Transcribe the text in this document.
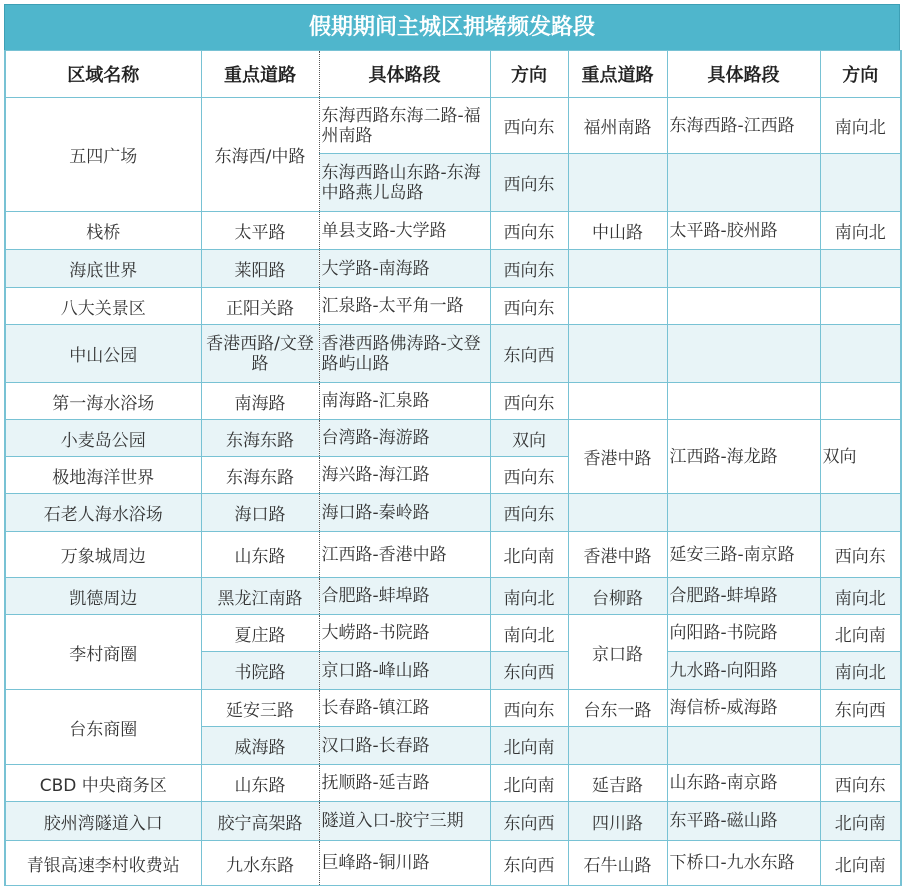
假期期间主城区拥堵频发路段
区域名称	重点道路	具体路段	方向	重点道路	具体路段	方向
五四广场	东海西/中路	东海西路东海二路-福州南路	西向东	福州南路	东海西路-江西路	南向北
		东海西路山东路-东海中路燕儿岛路	西向东			
栈桥	太平路	单县支路-大学路	西向东	中山路	太平路-胶州路	南向北
海底世界	莱阳路	大学路-南海路	西向东			
八大关景区	正阳关路	汇泉路-太平角一路	西向东			
中山公园	香港西路/文登路	香港西路佛涛路-文登路屿山路	东向西			
第一海水浴场	南海路	南海路-汇泉路	西向东			
小麦岛公园	东海东路	台湾路-海游路	双向	香港中路	江西路-海龙路	双向
极地海洋世界	东海东路	海兴路-海江路	西向东			
石老人海水浴场	海口路	海口路-秦岭路	西向东			
万象城周边	山东路	江西路-香港中路	北向南	香港中路	延安三路-南京路	西向东
凯德周边	黑龙江南路	合肥路-蚌埠路	南向北	台柳路	合肥路-蚌埠路	南向北
李村商圈	夏庄路	大崂路-书院路	南向北	京口路	向阳路-书院路	北向南
	书院路	京口路-峰山路	东向西		九水路-向阳路	南向北
台东商圈	延安三路	长春路-镇江路	西向东	台东一路	海信桥-威海路	东向西
	威海路	汉口路-长春路	北向南			
CBD 中央商务区	山东路	抚顺路-延吉路	北向南	延吉路	山东路-南京路	西向东
胶州湾隧道入口	胶宁高架路	隧道入口-胶宁三期	东向西	四川路	东平路-磁山路	北向南
青银高速李村收费站	九水东路	巨峰路-铜川路	东向西	石牛山路	下桥口-九水东路	北向南
